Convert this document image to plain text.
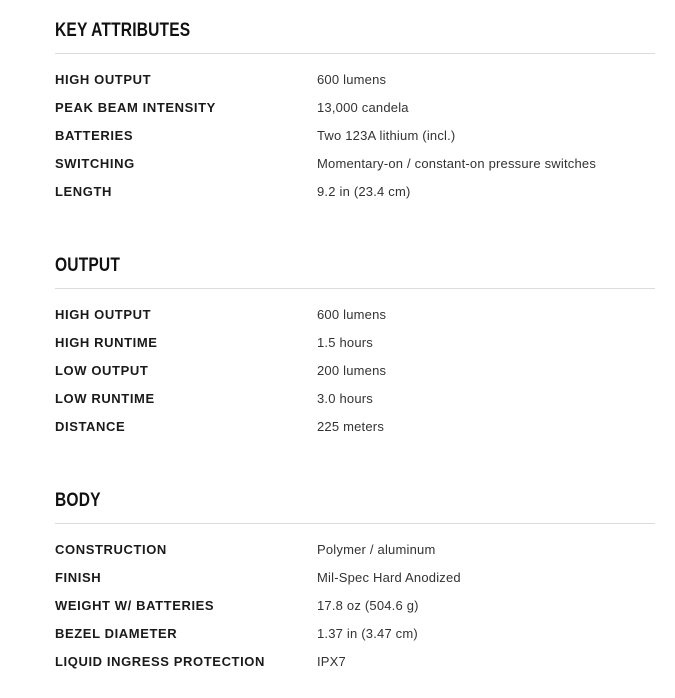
KEY ATTRIBUTES
HIGH OUTPUT	600 lumens
PEAK BEAM INTENSITY	13,000 candela
BATTERIES	Two 123A lithium (incl.)
SWITCHING	Momentary-on / constant-on pressure switches
LENGTH	9.2 in (23.4 cm)
OUTPUT
HIGH OUTPUT	600 lumens
HIGH RUNTIME	1.5 hours
LOW OUTPUT	200 lumens
LOW RUNTIME	3.0 hours
DISTANCE	225 meters
BODY
CONSTRUCTION	Polymer / aluminum
FINISH	Mil-Spec Hard Anodized
WEIGHT W/ BATTERIES	17.8 oz (504.6 g)
BEZEL DIAMETER	1.37 in (3.47 cm)
LIQUID INGRESS PROTECTION	IPX7
